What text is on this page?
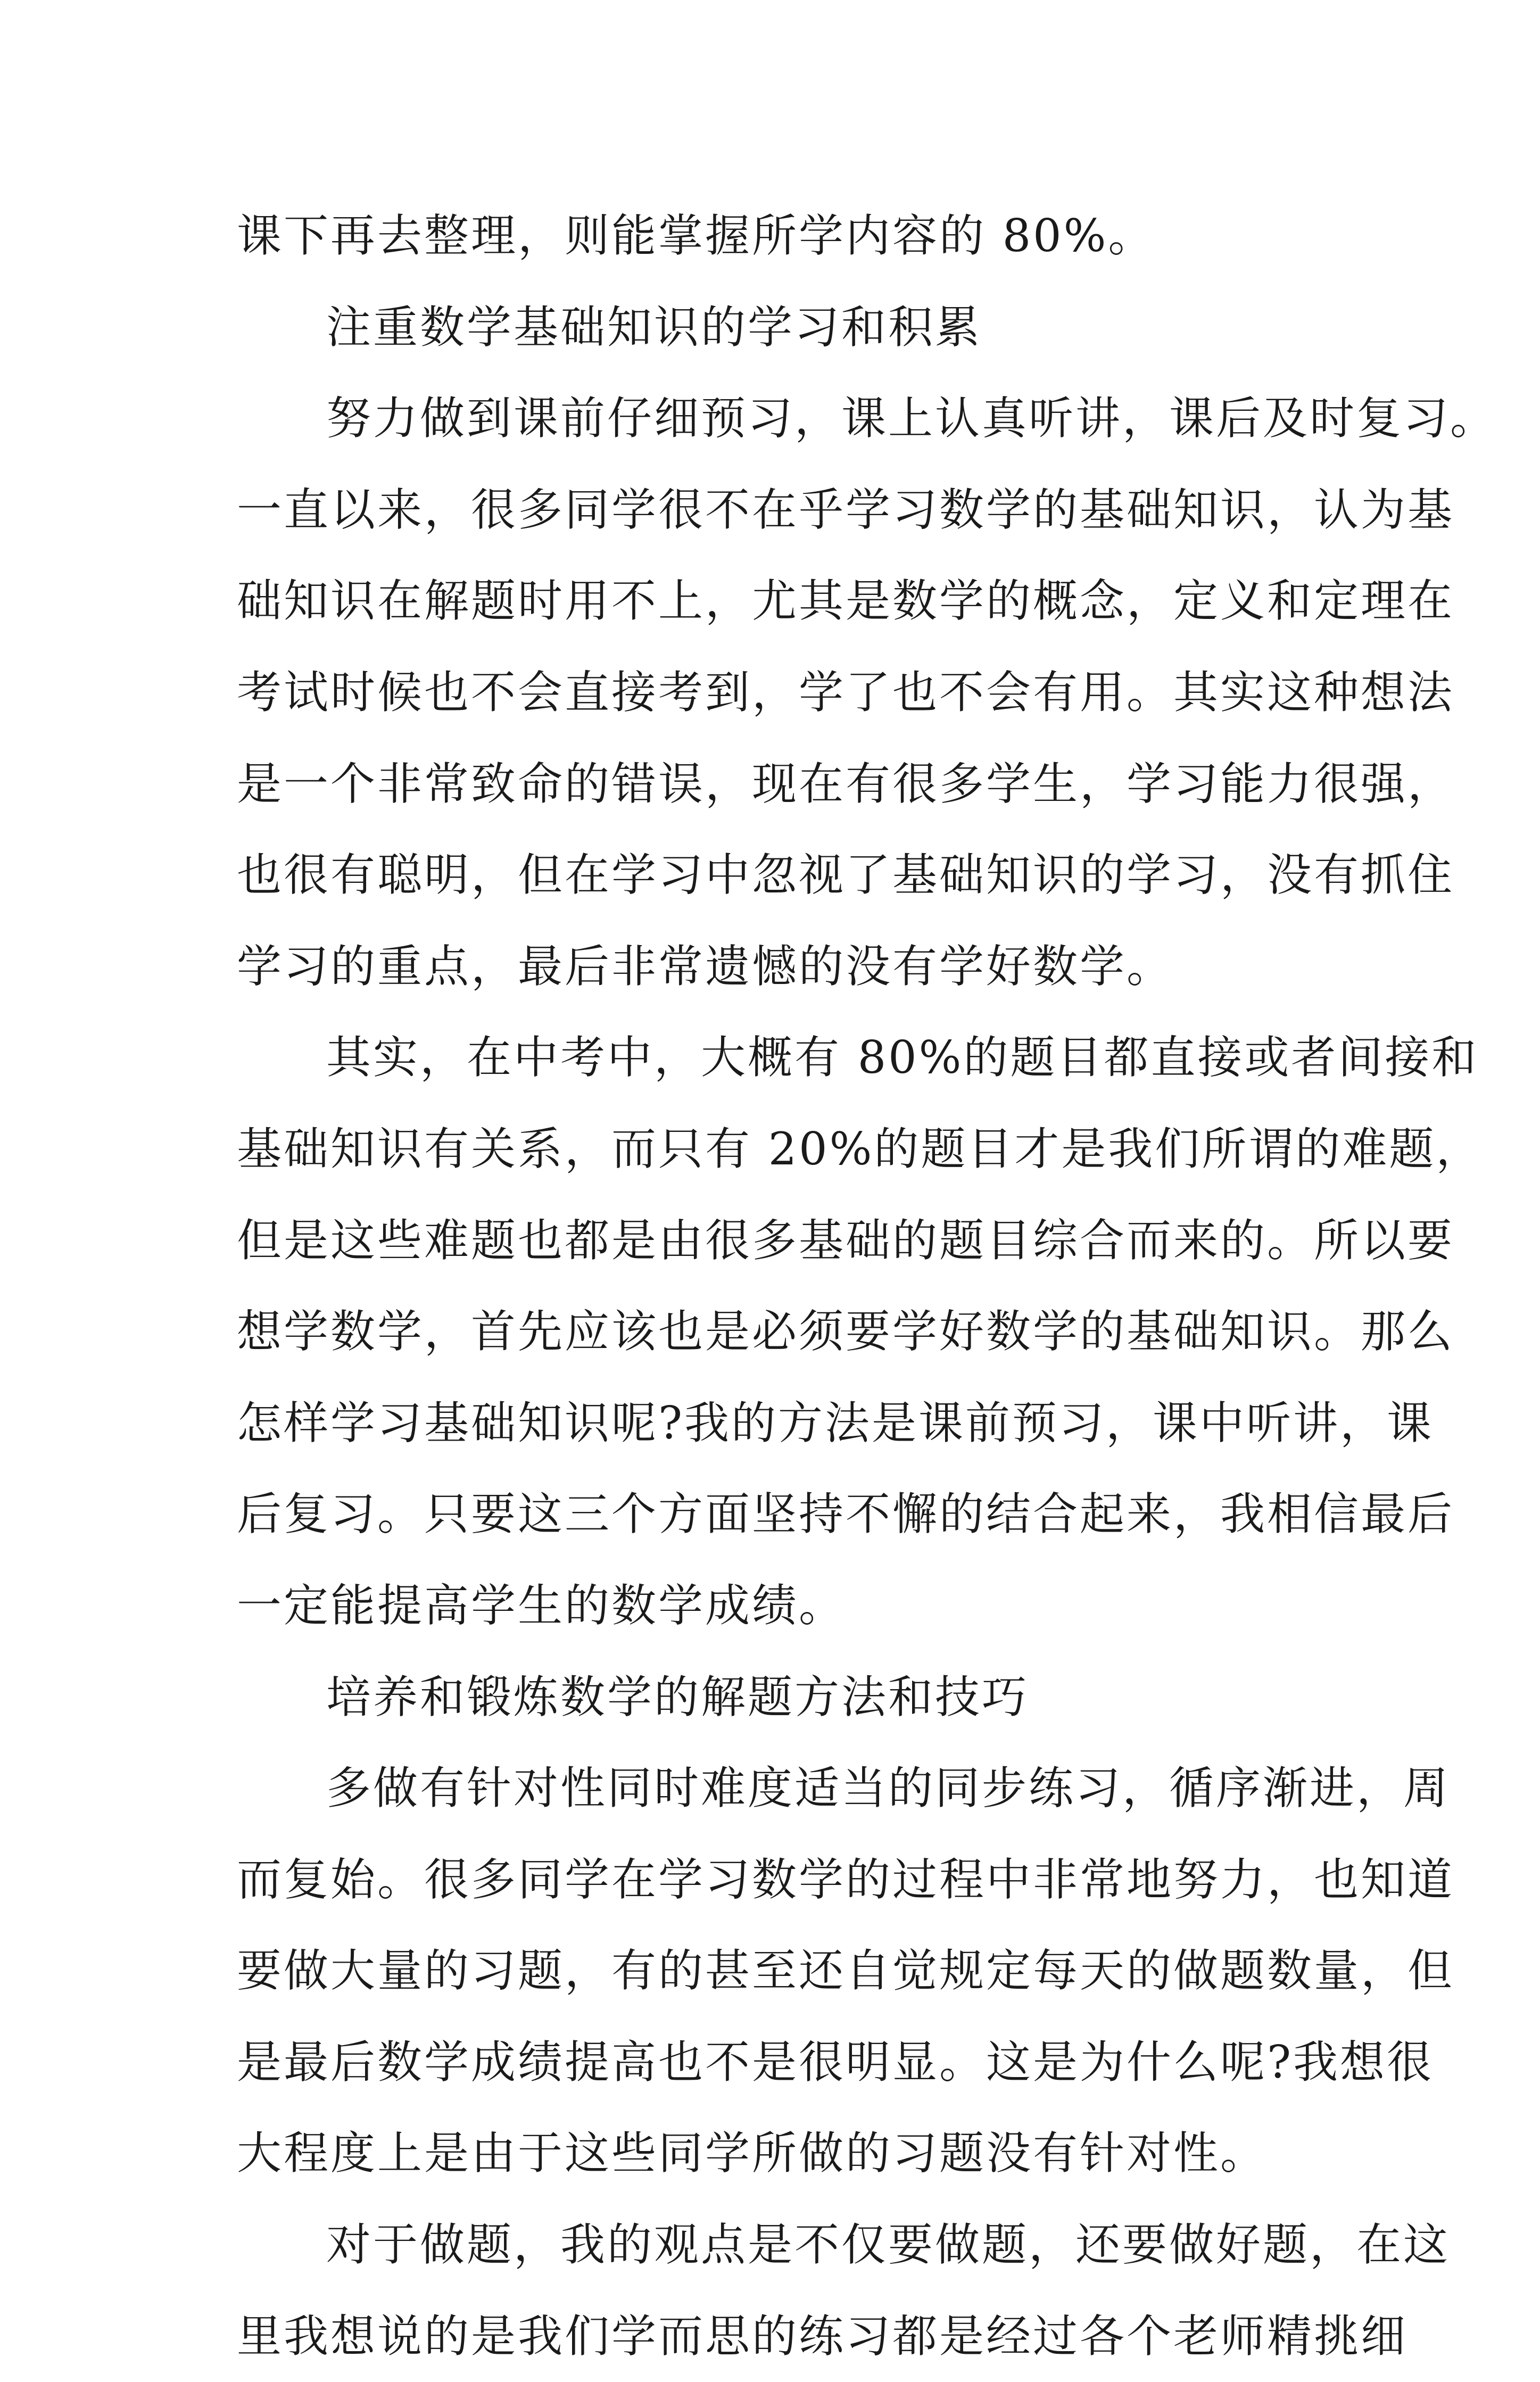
课下再去整理，则能掌握所学内容的 80%。
注重数学基础知识的学习和积累
努力做到课前仔细预习，课上认真听讲，课后及时复习。
一直以来，很多同学很不在乎学习数学的基础知识，认为基
础知识在解题时用不上，尤其是数学的概念，定义和定理在
考试时候也不会直接考到，学了也不会有用。其实这种想法
是一个非常致命的错误，现在有很多学生，学习能力很强，
也很有聪明，但在学习中忽视了基础知识的学习，没有抓住
学习的重点，最后非常遗憾的没有学好数学。
其实，在中考中，大概有 80%的题目都直接或者间接和
基础知识有关系，而只有 20%的题目才是我们所谓的难题，
但是这些难题也都是由很多基础的题目综合而来的。所以要
想学数学，首先应该也是必须要学好数学的基础知识。那么
怎样学习基础知识呢?我的方法是课前预习，课中听讲，课
后复习。只要这三个方面坚持不懈的结合起来，我相信最后
一定能提高学生的数学成绩。
培养和锻炼数学的解题方法和技巧
多做有针对性同时难度适当的同步练习，循序渐进，周
而复始。很多同学在学习数学的过程中非常地努力，也知道
要做大量的习题，有的甚至还自觉规定每天的做题数量，但
是最后数学成绩提高也不是很明显。这是为什么呢?我想很
大程度上是由于这些同学所做的习题没有针对性。
对于做题，我的观点是不仅要做题，还要做好题，在这
里我想说的是我们学而思的练习都是经过各个老师精挑细
